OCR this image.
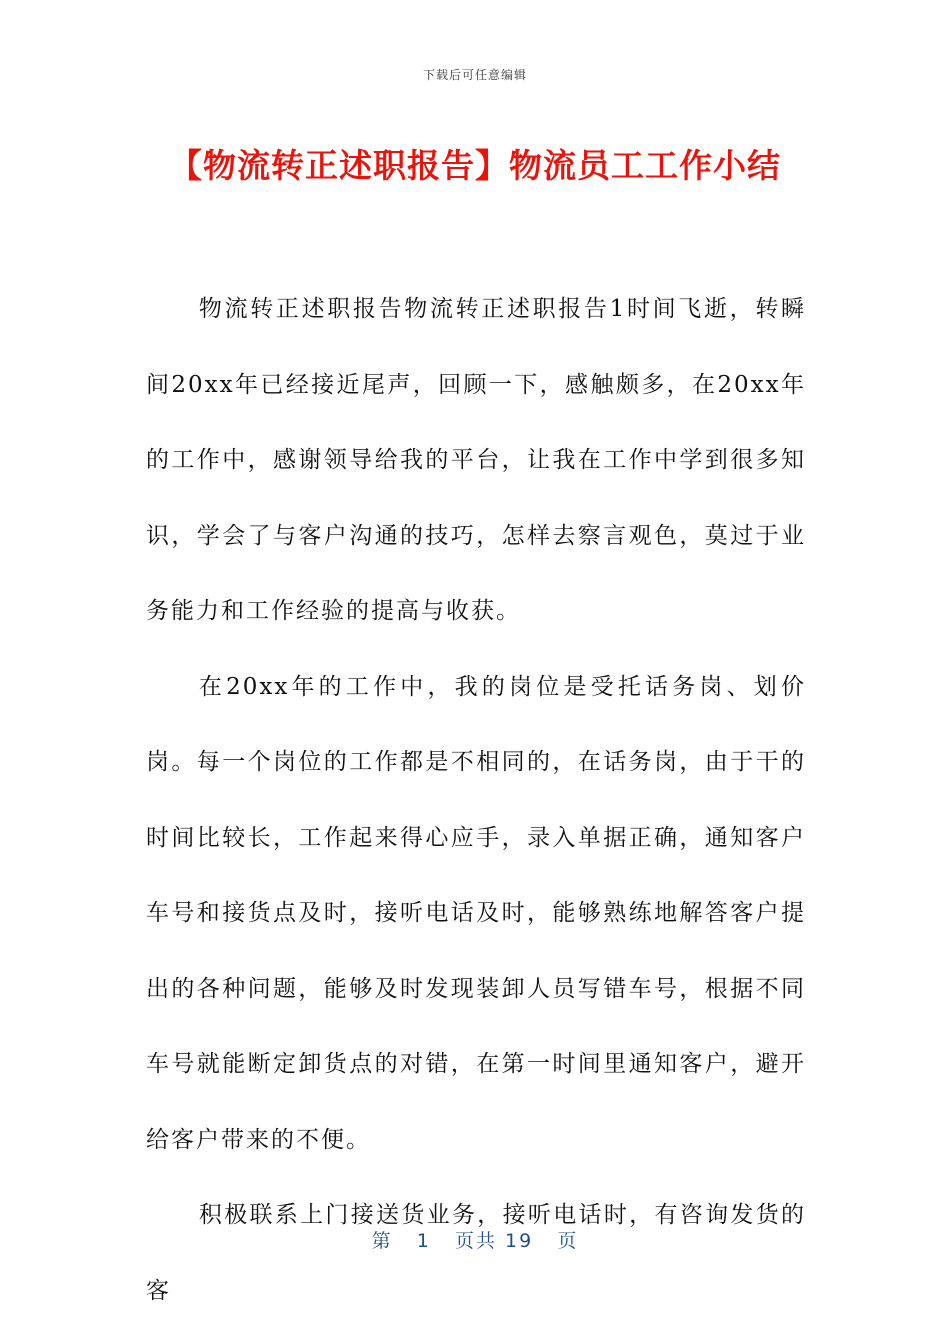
下载后可任意编辑
【物流转正述职报告】物流员工工作小结

物流转正述职报告物流转正述职报告1时间飞逝，转瞬间20xx年已经接近尾声，回顾一下，感触颇多，在20xx年的工作中，感谢领导给我的平台，让我在工作中学到很多知识，学会了与客户沟通的技巧，怎样去察言观色，莫过于业务能力和工作经验的提高与收获。

在20xx年的工作中，我的岗位是受托话务岗、划价岗。每一个岗位的工作都是不相同的，在话务岗，由于干的时间比较长，工作起来得心应手，录入单据正确，通知客户车号和接货点及时，接听电话及时，能够熟练地解答客户提出的各种问题，能够及时发现装卸人员写错车号，根据不同车号就能断定卸货点的对错，在第一时间里通知客户，避开给客户带来的不便。

积极联系上门接送货业务，接听电话时，有咨询发货的客

第 1 页共 19 页
